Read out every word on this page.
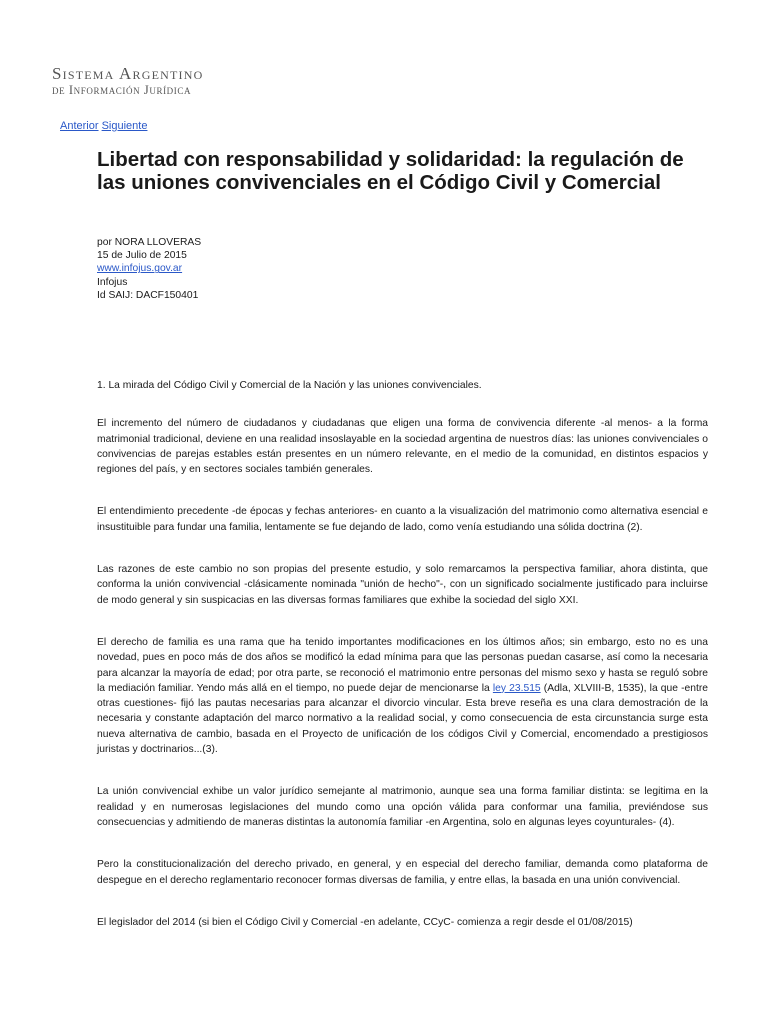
Sistema Argentino
de Información Jurídica
Anterior Siguiente
Libertad con responsabilidad y solidaridad: la regulación de las uniones convivenciales en el Código Civil y Comercial
por NORA LLOVERAS
15 de Julio de 2015
www.infojus.gov.ar
Infojus
Id SAIJ: DACF150401

1. La mirada del Código Civil y Comercial de la Nación y las uniones convivenciales.

El incremento del número de ciudadanos y ciudadanas que eligen una forma de convivencia diferente -al menos- a la forma matrimonial tradicional, deviene en una realidad insoslayable en la sociedad argentina de nuestros días: las uniones convivenciales o convivencias de parejas estables están presentes en un número relevante, en el medio de la comunidad, en distintos espacios y regiones del país, y en sectores sociales también generales.

El entendimiento precedente -de épocas y fechas anteriores- en cuanto a la visualización del matrimonio como alternativa esencial e insustituible para fundar una familia, lentamente se fue dejando de lado, como venía estudiando una sólida doctrina (2).

Las razones de este cambio no son propias del presente estudio, y solo remarcamos la perspectiva familiar, ahora distinta, que conforma la unión convivencial -clásicamente nominada "unión de hecho"-, con un significado socialmente justificado para incluirse de modo general y sin suspicacias en las diversas formas familiares que exhibe la sociedad del siglo XXI.

El derecho de familia es una rama que ha tenido importantes modificaciones en los últimos años; sin embargo, esto no es una novedad, pues en poco más de dos años se modificó la edad mínima para que las personas puedan casarse, así como la necesaria para alcanzar la mayoría de edad; por otra parte, se reconoció el matrimonio entre personas del mismo sexo y hasta se reguló sobre la mediación familiar. Yendo más allá en el tiempo, no puede dejar de mencionarse la ley 23.515 (Adla, XLVIII-B, 1535), la que -entre otras cuestiones- fijó las pautas necesarias para alcanzar el divorcio vincular. Esta breve reseña es una clara demostración de la necesaria y constante adaptación del marco normativo a la realidad social, y como consecuencia de esta circunstancia surge esta nueva alternativa de cambio, basada en el Proyecto de unificación de los códigos Civil y Comercial, encomendado a prestigiosos juristas y doctrinarios...(3).

La unión convivencial exhibe un valor jurídico semejante al matrimonio, aunque sea una forma familiar distinta: se legitima en la realidad y en numerosas legislaciones del mundo como una opción válida para conformar una familia, previéndose sus consecuencias y admitiendo de maneras distintas la autonomía familiar -en Argentina, solo en algunas leyes coyunturales- (4).

Pero la constitucionalización del derecho privado, en general, y en especial del derecho familiar, demanda como plataforma de despegue en el derecho reglamentario reconocer formas diversas de familia, y entre ellas, la basada en una unión convivencial.

El legislador del 2014 (si bien el Código Civil y Comercial -en adelante, CCyC- comienza a regir desde el 01/08/2015)
